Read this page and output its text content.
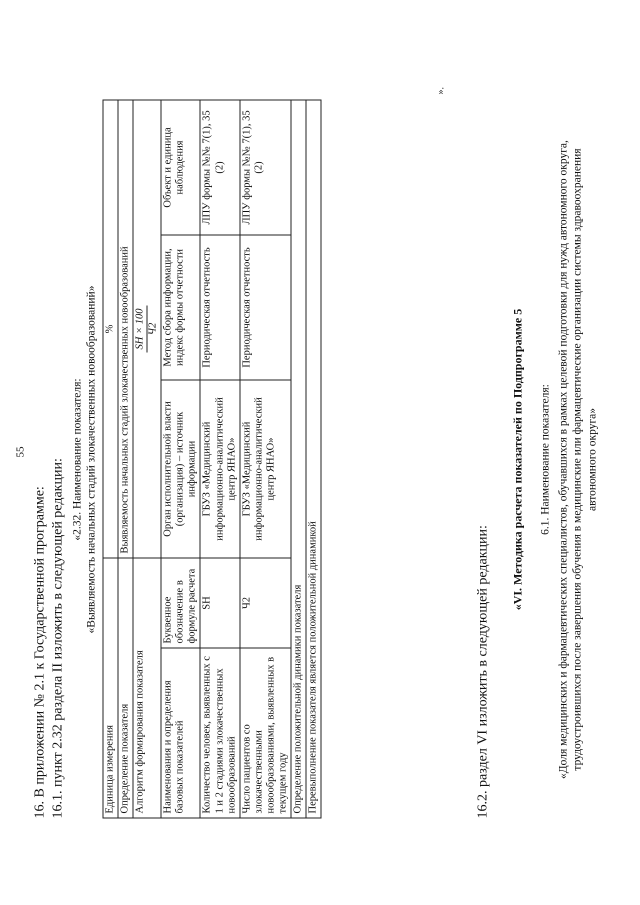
55
16. В приложении № 2.1 к Государственной программе: 16.1. пункт 2.32 раздела II изложить в следующей редакции: «2.32. Наименование показателя: «Выявляемость начальных стадий злокачественных новообразований»
Единица измерения		%		
Определение показателя		Выявляемость начальных стадий злокачественных новообразований		
Алгоритм формирования показателя		SH × 100 Ч2		

Наименования и определения базовых показателей	Буквенное обозначение в формуле расчета	Орган исполнительной власти (организация) – источник информации	Метод сбора информации, индекс формы отчетности	Объект и единица наблюдения
Количество человек, выявленных с 1 и 2 стадиями злокачественных новообразований	SH	ГБУЗ «Медицинский информационно-аналитический центр ЯНАО»	Периодическая отчетность	ЛПУ формы №№ 7(1), 35 (2)
Число пациентов со злокачественными новообразованиями, выявленных в текущем году	Ч2	ГБУЗ «Медицинский информационно-аналитический центр ЯНАО»	Периодическая отчетность	ЛПУ формы №№ 7(1), 35 (2)
Определение положительной динамики показателя				
Перевыполнение показателя является положительной динамикой				
».
16.2. раздел VI изложить в следующей редакции:
«VI. Методика расчета показателей по Подпрограмме 5 6.1. Наименование показателя: «Доля медицинских и фармацевтических специалистов, обучавшихся в рамках целевой подготовки для нужд автономного округа, трудоустроившихся после завершения обучения в медицинские или фармацевтические организации системы здравоохранения автономного округа»
